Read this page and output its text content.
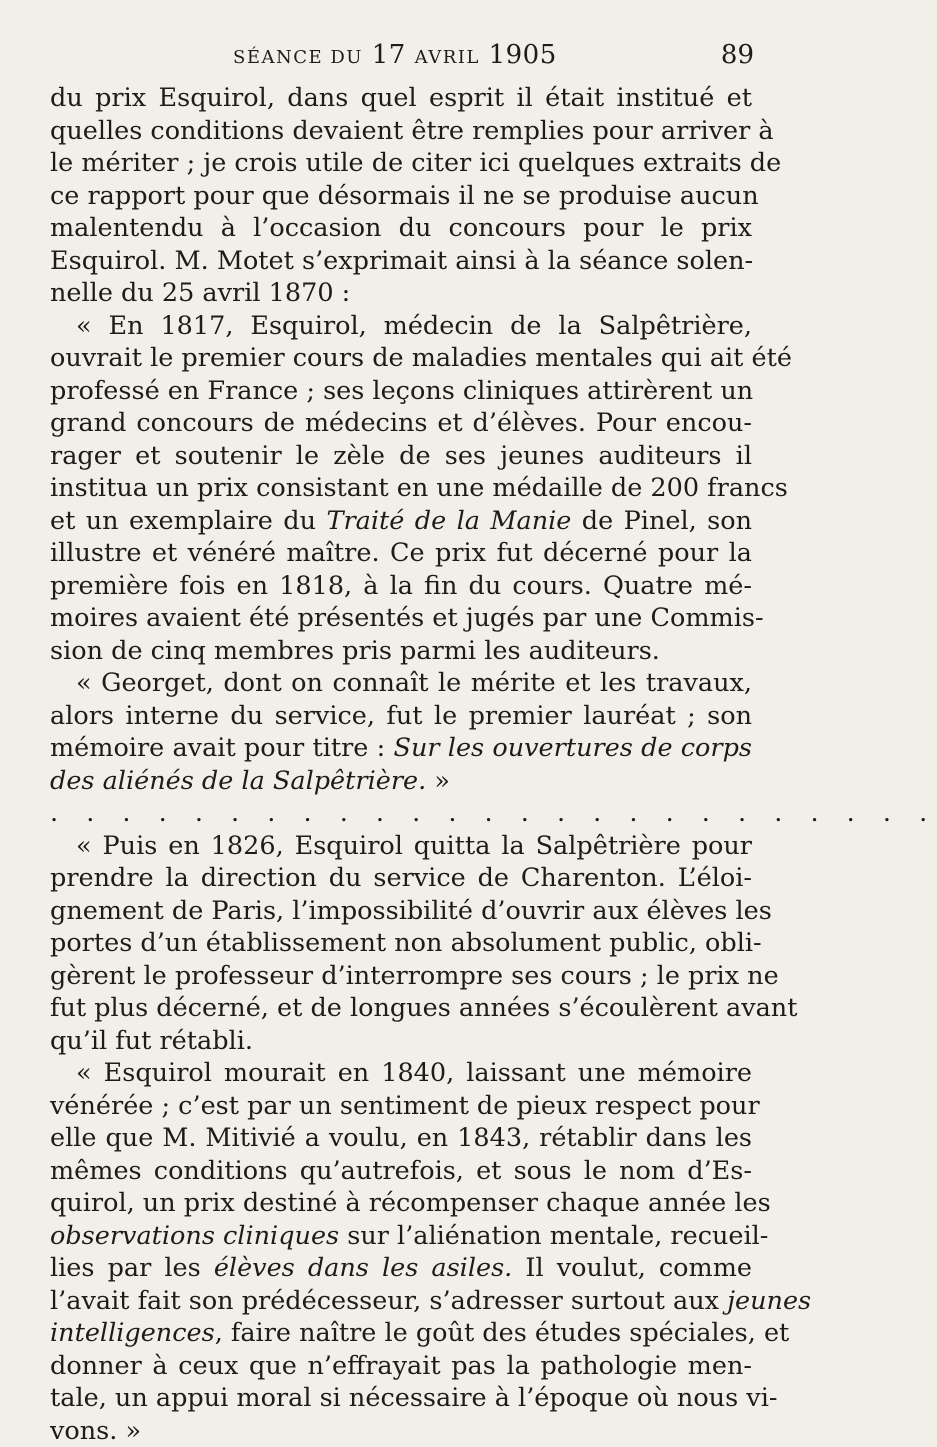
SÉANCE DU 17 AVRIL 1905	89
du prix Esquirol, dans quel esprit il était institué et
quelles conditions devaient être remplies pour arriver à
le mériter ; je crois utile de citer ici quelques extraits de
ce rapport pour que désormais il ne se produise aucun
malentendu à l’occasion du concours pour le prix
Esquirol. M. Motet s’exprimait ainsi à la séance solen-
nelle du 25 avril 1870 :
« En 1817, Esquirol, médecin de la Salpêtrière,
ouvrait le premier cours de maladies mentales qui ait été
professé en France ; ses leçons cliniques attirèrent un
grand concours de médecins et d’élèves. Pour encou-
rager et soutenir le zèle de ses jeunes auditeurs il
institua un prix consistant en une médaille de 200 francs
et un exemplaire du Traité de la Manie de Pinel, son
illustre et vénéré maître. Ce prix fut décerné pour la
première fois en 1818, à la fin du cours. Quatre mé-
moires avaient été présentés et jugés par une Commis-
sion de cinq membres pris parmi les auditeurs.
« Georget, dont on connaît le mérite et les travaux,
alors interne du service, fut le premier lauréat ; son
mémoire avait pour titre : Sur les ouvertures de corps
des aliénés de la Salpêtrière. »
. . . . . . . . . . . . . . . . . . . . . . . . .
« Puis en 1826, Esquirol quitta la Salpêtrière pour
prendre la direction du service de Charenton. L’éloi-
gnement de Paris, l’impossibilité d’ouvrir aux élèves les
portes d’un établissement non absolument public, obli-
gèrent le professeur d’interrompre ses cours ; le prix ne
fut plus décerné, et de longues années s’écoulèrent avant
qu’il fut rétabli.
« Esquirol mourait en 1840, laissant une mémoire
vénérée ; c’est par un sentiment de pieux respect pour
elle que M. Mitivié a voulu, en 1843, rétablir dans les
mêmes conditions qu’autrefois, et sous le nom d’Es-
quirol, un prix destiné à récompenser chaque année les
observations cliniques sur l’aliénation mentale, recueil-
lies par les élèves dans les asiles. Il voulut, comme
l’avait fait son prédécesseur, s’adresser surtout aux jeunes
intelligences, faire naître le goût des études spéciales, et
donner à ceux que n’effrayait pas la pathologie men-
tale, un appui moral si nécessaire à l’époque où nous vi-
vons. »
